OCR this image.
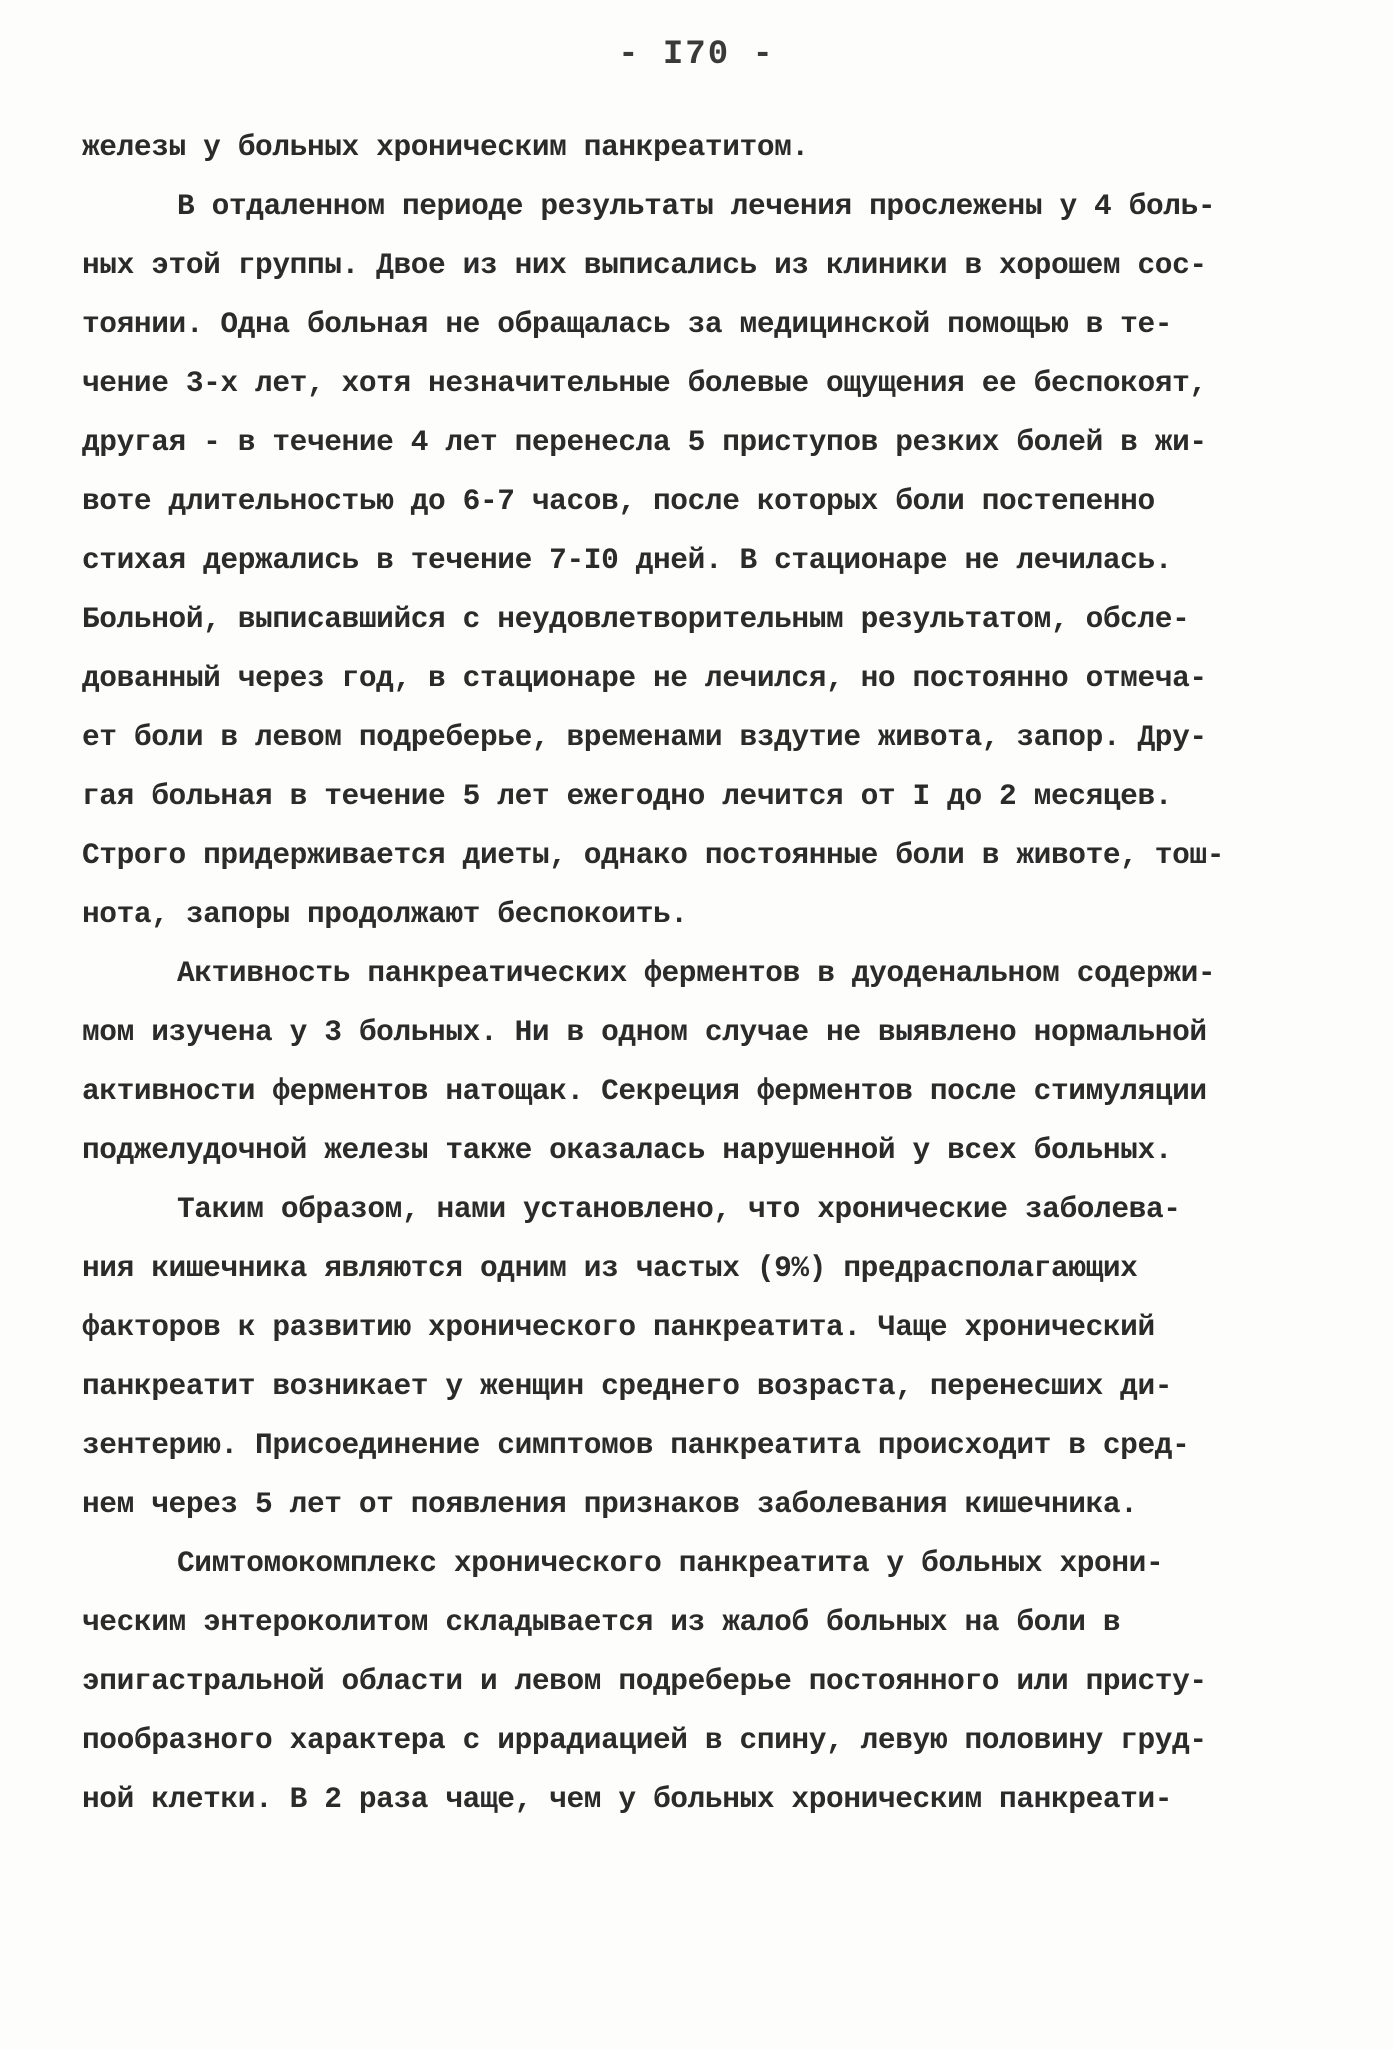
- I70 -
железы у больных хроническим панкреатитом.
В отдаленном периоде результаты лечения прослежены у 4 боль-
ных этой группы. Двое из них выписались из клиники в хорошем сос-
тоянии. Одна больная не обращалась за медицинской помощью в те-
чение 3-х лет, хотя незначительные болевые ощущения ее беспокоят,
другая - в течение 4 лет перенесла 5 приступов резких болей в жи-
воте длительностью до 6-7 часов, после которых боли постепенно
стихая держались в течение 7-I0 дней. В стационаре не лечилась.
Больной, выписавшийся с неудовлетворительным результатом, обсле-
дованный через год, в стационаре не лечился, но постоянно отмеча-
ет боли в левом подреберье, временами вздутие живота, запор. Дру-
гая больная в течение 5 лет ежегодно лечится от I до 2 месяцев.
Строго придерживается диеты, однако постоянные боли в животе, тош-
нота, запоры продолжают беспокоить.
Активность панкреатических ферментов в дуоденальном содержи-
мом изучена у 3 больных. Ни в одном случае не выявлено нормальной
активности ферментов натощак. Секреция ферментов после стимуляции
поджелудочной железы также оказалась нарушенной у всех больных.
Таким образом, нами установлено, что хронические заболева-
ния кишечника являются одним из частых (9%) предрасполагающих
факторов к развитию хронического панкреатита. Чаще хронический
панкреатит возникает у женщин среднего возраста, перенесших ди-
зентерию. Присоединение симптомов панкреатита происходит в сред-
нем через 5 лет от появления признаков заболевания кишечника.
Симтомокомплекс хронического панкреатита у больных хрони-
ческим энтероколитом складывается из жалоб больных на боли в
эпигастральной области и левом подреберье постоянного или присту-
пообразного характера с иррадиацией в спину, левую половину груд-
ной клетки. В 2 раза чаще, чем у больных хроническим панкреати-
